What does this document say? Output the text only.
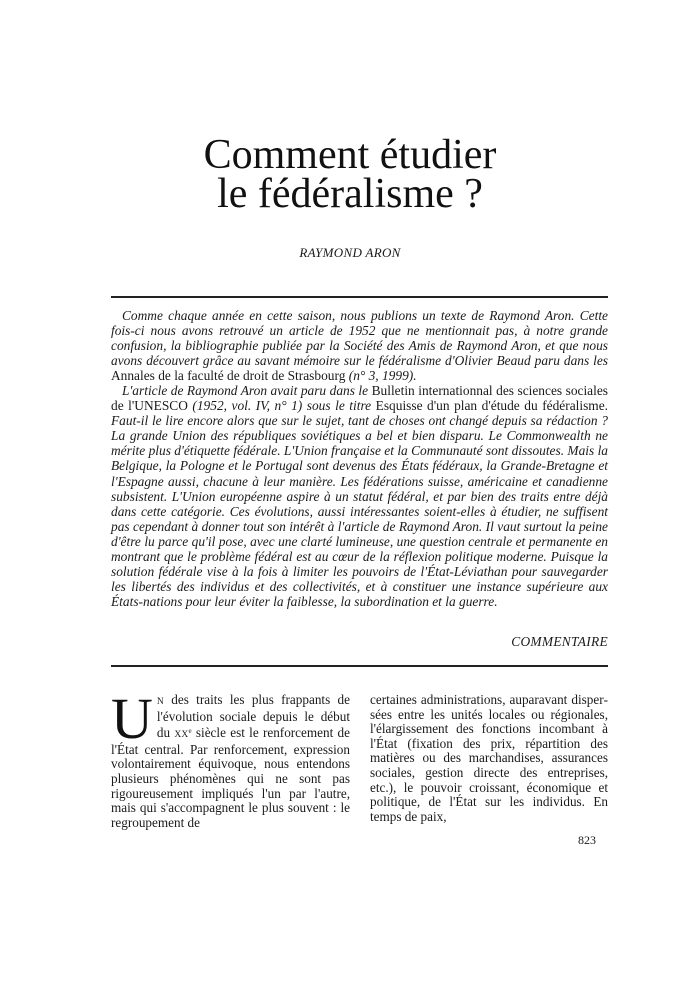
Comment étudier
le fédéralisme ?
RAYMOND ARON

Comme chaque année en cette saison, nous publions un texte de Raymond Aron. Cette fois-ci nous avons retrouvé un article de 1952 que ne mentionnait pas, à notre grande confusion, la bibliographie publiée par la Société des Amis de Raymond Aron, et que nous avons découvert grâce au savant mémoire sur le fédéralisme d'Olivier Beaud paru dans les Annales de la faculté de droit de Strasbourg (n° 3, 1999).

L'article de Raymond Aron avait paru dans le Bulletin internationnal des sciences sociales de l'UNESCO (1952, vol. IV, n° 1) sous le titre Esquisse d'un plan d'étude du fédéralisme. Faut-il le lire encore alors que sur le sujet, tant de choses ont changé depuis sa rédaction ? La grande Union des républiques soviétiques a bel et bien disparu. Le Commonwealth ne mérite plus d'étiquette fédérale. L'Union française et la Communauté sont dissoutes. Mais la Belgique, la Pologne et le Portugal sont devenus des États fédéraux, la Grande-Bretagne et l'Espagne aussi, chacune à leur manière. Les fédérations suisse, américaine et canadienne subsistent. L'Union européenne aspire à un statut fédéral, et par bien des traits entre déjà dans cette catégorie. Ces évolutions, aussi intéressantes soient-elles à étudier, ne suffisent pas cependant à donner tout son intérêt à l'article de Raymond Aron. Il vaut surtout la peine d'être lu parce qu'il pose, avec une clarté lumineuse, une question centrale et permanente en montrant que le problème fédéral est au cœur de la réflexion politique moderne. Puisque la solution fédérale vise à la fois à limiter les pouvoirs de l'État-Léviathan pour sauvegarder les libertés des individus et des collectivités, et à constituer une instance supérieure aux États-nations pour leur éviter la faiblesse, la subordination et la guerre.

COMMENTAIRE

U N des traits les plus frappants de l'évolution sociale depuis le début du XXe siècle est le renforcement de l'État central. Par renforcement, expression volontairement équivoque, nous entendons plusieurs phénomènes qui ne sont pas rigoureusement impliqués l'un par l'autre, mais qui s'accompagnent le plus souvent : le regroupement de

certaines administrations, auparavant dispersées entre les unités locales ou régionales, l'élargissement des fonctions incombant à l'État (fixation des prix, répartition des matières ou des marchandises, assurances sociales, gestion directe des entreprises, etc.), le pouvoir croissant, économique et politique, de l'État sur les individus. En temps de paix,

823
